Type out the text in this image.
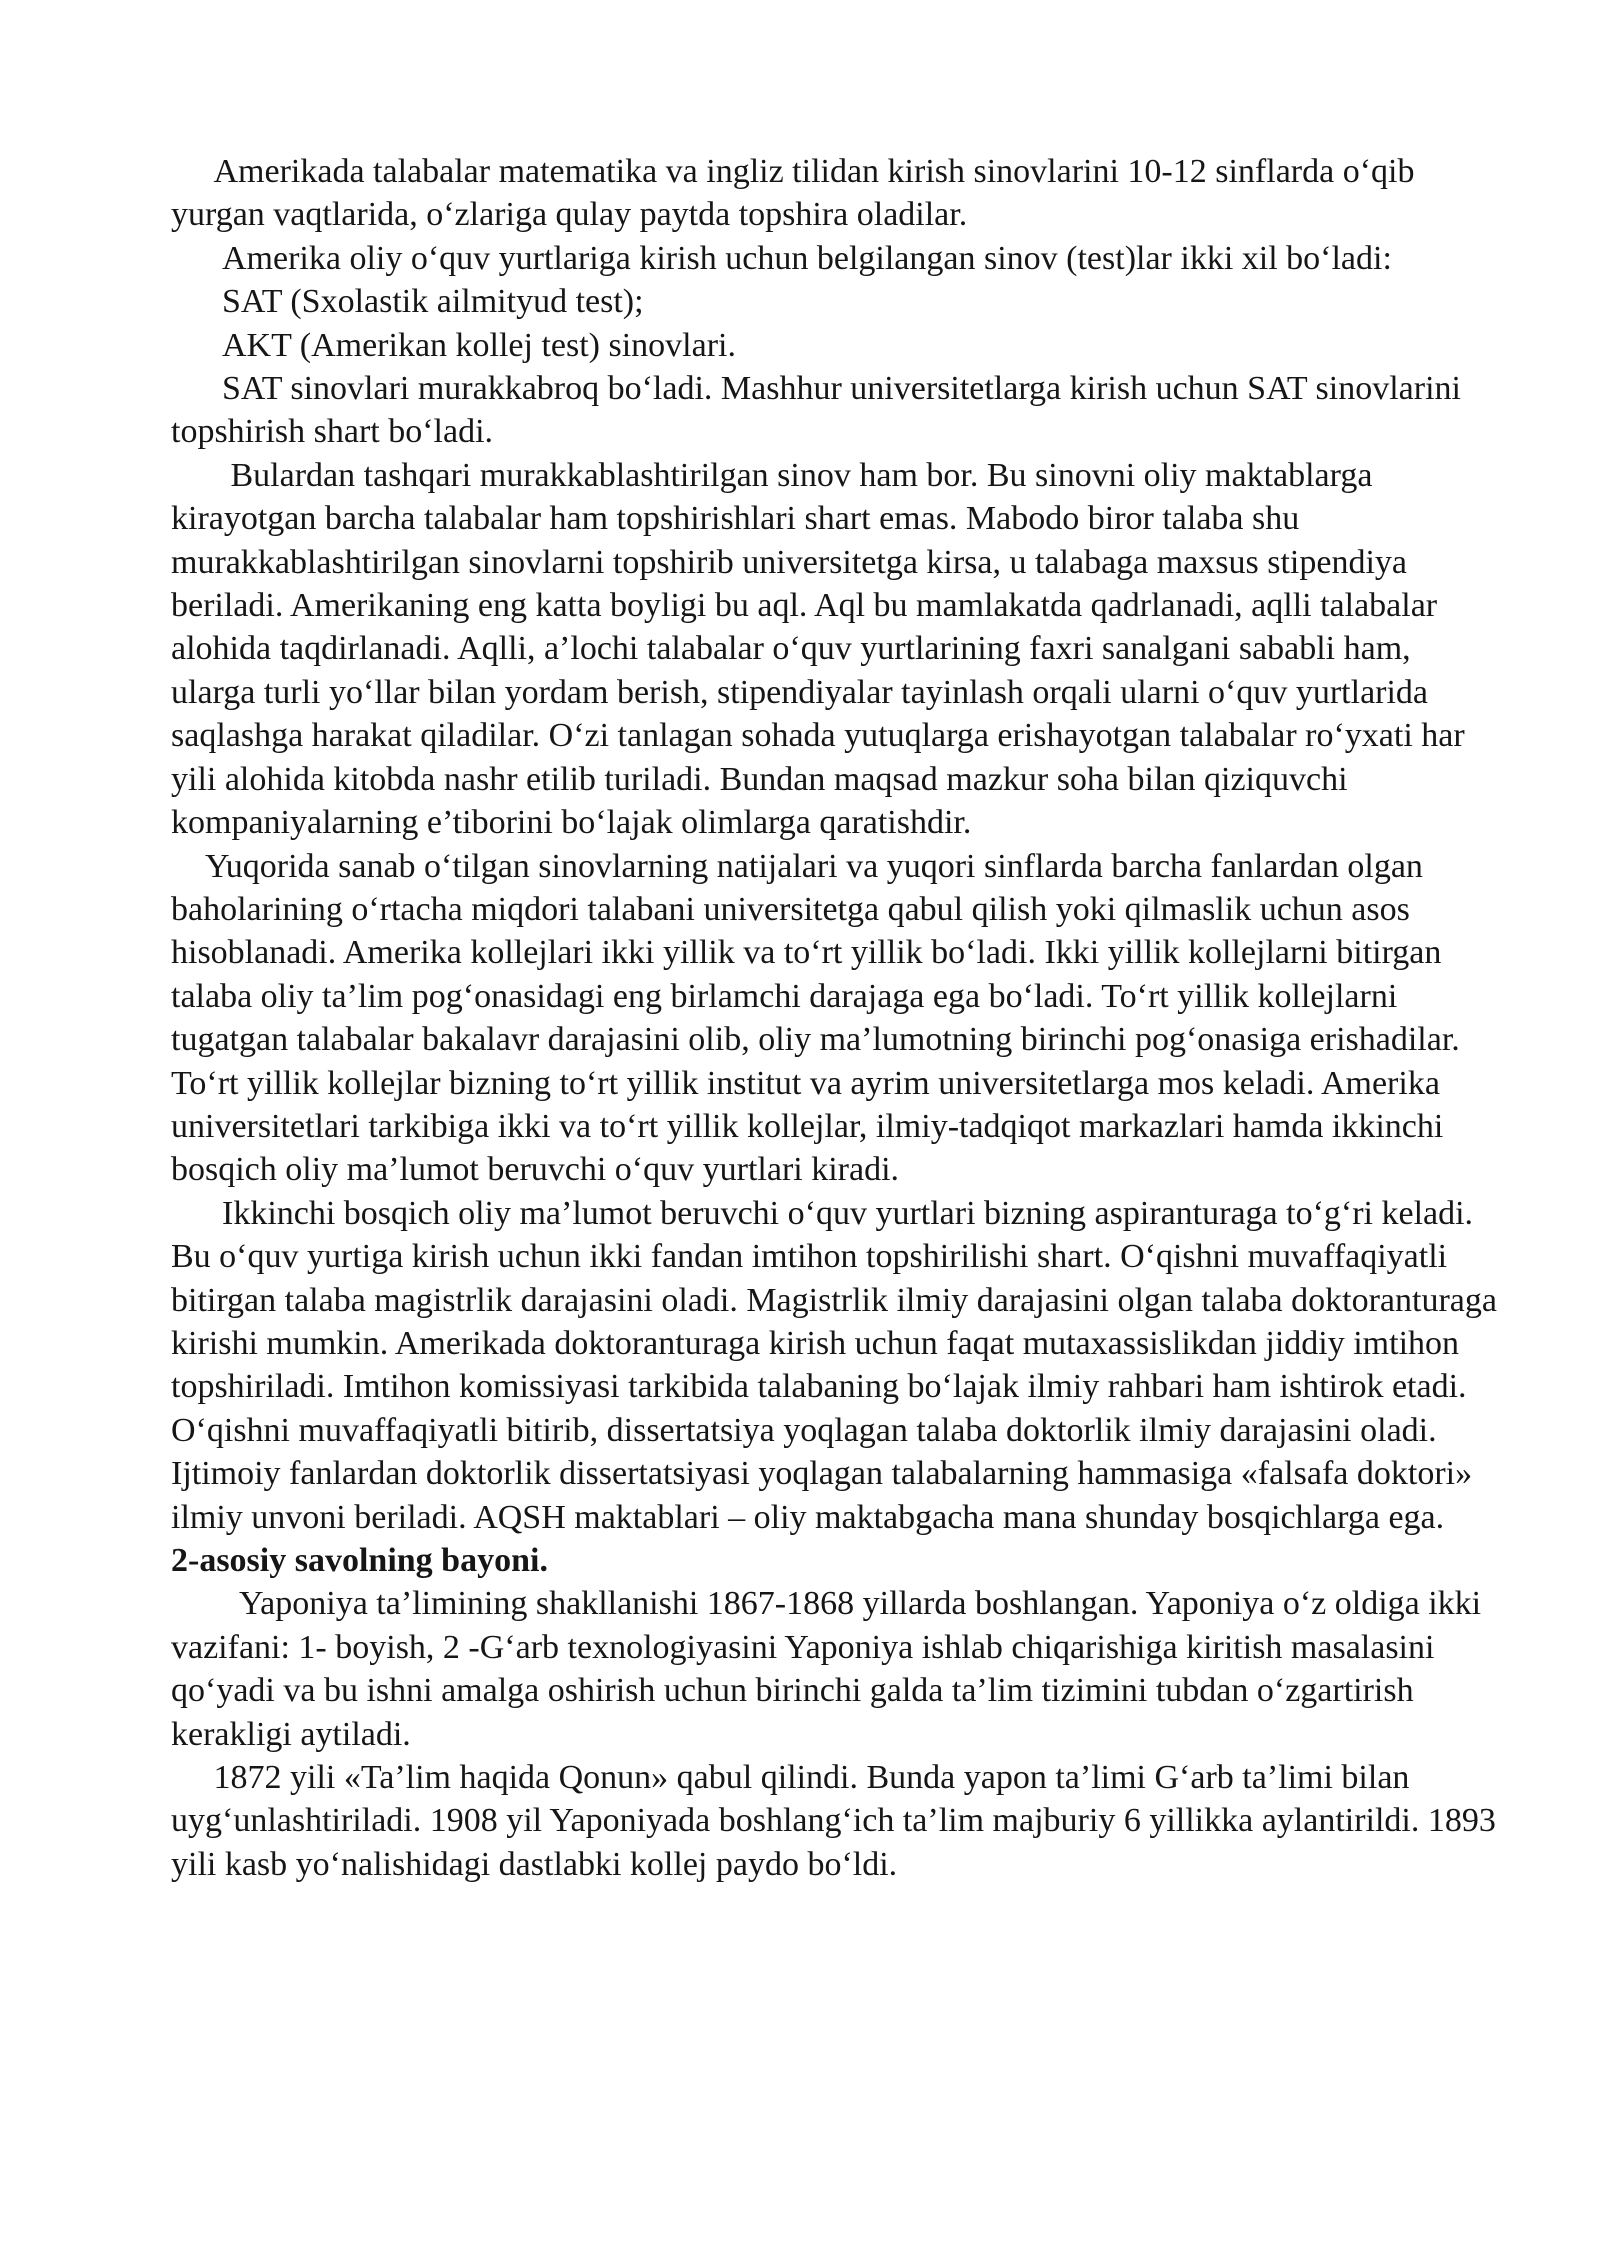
Amerikada talabalar matematika va ingliz tilidan kirish sinovlarini 10-12 sinflarda o‘qib yurgan vaqtlarida, o‘zlariga qulay paytda topshira oladilar.

Amerika oliy o‘quv yurtlariga kirish uchun belgilangan sinov (test)lar ikki xil bo‘ladi:

SAT (Sxolastik ailmityud test);

AKT (Amerikan kollej test) sinovlari.

SAT sinovlari murakkabroq bo‘ladi. Mashhur universitetlarga kirish uchun SAT sinovlarini topshirish shart bo‘ladi.

Bulardan tashqari murakkablashtirilgan sinov ham bor. Bu sinovni oliy maktablarga kirayotgan barcha talabalar ham topshirishlari shart emas. Mabodo biror talaba shu murakkablashtirilgan sinovlarni topshirib universitetga kirsa, u talabaga maxsus stipendiya beriladi. Amerikaning eng katta boyligi bu aql. Aql bu mamlakatda qadrlanadi, aqlli talabalar alohida taqdirlanadi. Aqlli, a’lochi talabalar o‘quv yurtlarining faxri sanalgani sababli ham, ularga turli yo‘llar bilan yordam berish, stipendiyalar tayinlash orqali ularni o‘quv yurtlarida saqlashga harakat qiladilar. O‘zi tanlagan sohada yutuqlarga erishayotgan talabalar ro‘yxati har yili alohida kitobda nashr etilib turiladi. Bundan maqsad mazkur soha bilan qiziquvchi kompaniyalarning e’tiborini bo‘lajak olimlarga qaratishdir.

Yuqorida sanab o‘tilgan sinovlarning natijalari va yuqori sinflarda barcha fanlardan olgan baholarining o‘rtacha miqdori talabani universitetga qabul qilish yoki qilmaslik uchun asos hisoblanadi. Amerika kollejlari ikki yillik va to‘rt yillik bo‘ladi. Ikki yillik kollejlarni bitirgan talaba oliy ta’lim pog‘onasidagi eng birlamchi darajaga ega bo‘ladi. To‘rt yillik kollejlarni tugatgan talabalar bakalavr darajasini olib, oliy ma’lumotning birinchi pog‘onasiga erishadilar. To‘rt yillik kollejlar bizning to‘rt yillik institut va ayrim universitetlarga mos keladi. Amerika universitetlari tarkibiga ikki va to‘rt yillik kollejlar, ilmiy-tadqiqot markazlari hamda ikkinchi bosqich oliy ma’lumot beruvchi o‘quv yurtlari kiradi.

Ikkinchi bosqich oliy ma’lumot beruvchi o‘quv yurtlari bizning aspiranturaga to‘g‘ri keladi. Bu o‘quv yurtiga kirish uchun ikki fandan imtihon topshirilishi shart. O‘qishni muvaffaqiyatli bitirgan talaba magistrlik darajasini oladi. Magistrlik ilmiy darajasini olgan talaba doktoranturaga kirishi mumkin. Amerikada doktoranturaga kirish uchun faqat mutaxassislikdan jiddiy imtihon topshiriladi. Imtihon komissiyasi tarkibida talabaning bo‘lajak ilmiy rahbari ham ishtirok etadi. O‘qishni muvaffaqiyatli bitirib, dissertatsiya yoqlagan talaba doktorlik ilmiy darajasini oladi. Ijtimoiy fanlardan doktorlik dissertatsiyasi yoqlagan talabalarning hammasiga «falsafa doktori» ilmiy unvoni beriladi. AQSH maktablari – oliy maktabgacha mana shunday bosqichlarga ega.

2-asosiy savolning bayoni.

Yaponiya ta’limining shakllanishi 1867-1868 yillarda boshlangan. Yaponiya o‘z oldiga ikki vazifani: 1- boyish, 2 -G‘arb texnologiyasini Yaponiya ishlab chiqarishiga kiritish masalasini qo‘yadi va bu ishni amalga oshirish uchun birinchi galda ta’lim tizimini tubdan o‘zgartirish kerakligi aytiladi.

1872 yili «Ta’lim haqida Qonun» qabul qilindi. Bunda yapon ta’limi G‘arb ta’limi bilan uyg‘unlashtiriladi. 1908 yil Yaponiyada boshlang‘ich ta’lim majburiy 6 yillikka aylantirildi. 1893 yili kasb yo‘nalishidagi dastlabki kollej paydo bo‘ldi.
